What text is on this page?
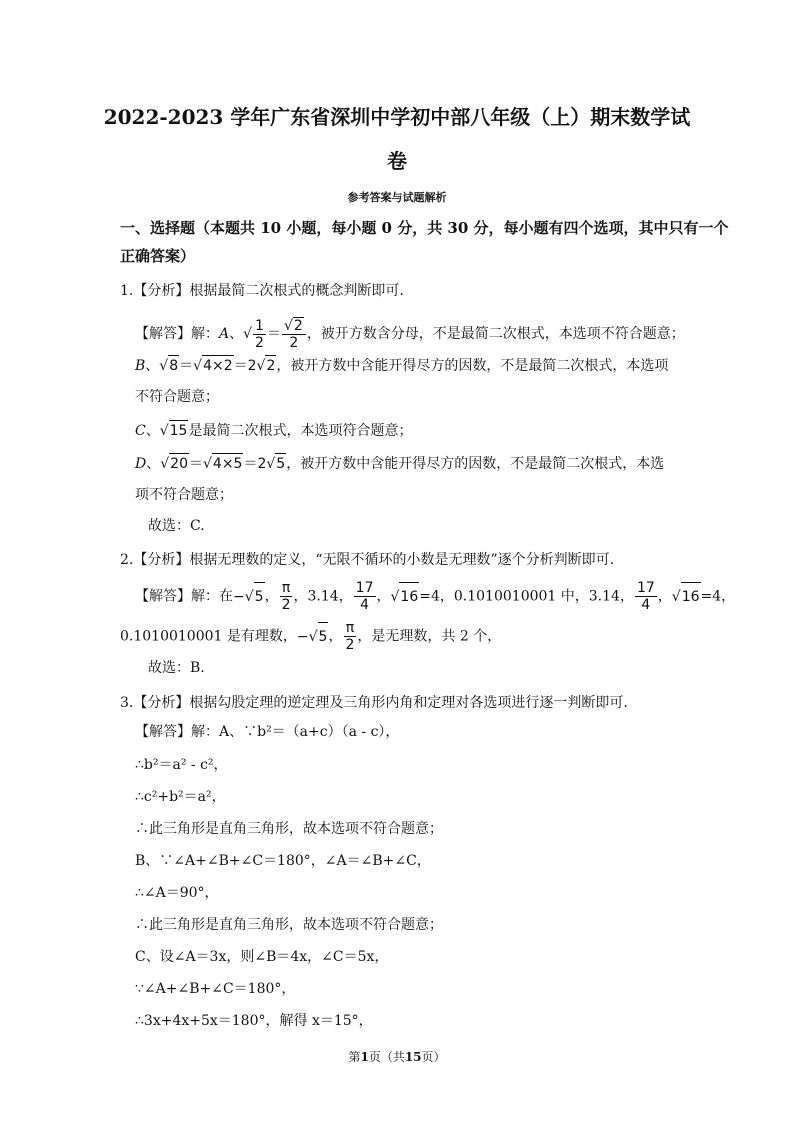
2022-2023 学年广东省深圳中学初中部八年级（上）期末数学试
卷
参考答案与试题解析
一、选择题（本题共 10 小题，每小题 0 分，共 30 分，每小题有四个选项，其中只有一个
正确答案）
1.【分析】根据最简二次根式的概念判断即可.
【解答】解：A、√ $\frac{1}{2} = \frac{√2}{2}$ ，被开方数含分母，不是最简二次根式，本选项不符合题意；
B、√8＝√4×2＝2√2，被开方数中含能开得尽方的因数，不是最简二次根式，本选项
不符合题意；
C、√15是最简二次根式，本选项符合题意；
D、√20＝√4×5＝2√5，被开方数中含能开得尽方的因数，不是最简二次根式，本选
项不符合题意；
故选：C.
2.【分析】根据无理数的定义，“无限不循环的小数是无理数”逐个分析判断即可.
【解答】解：在−√5， $\frac{\pi}{2}$ ，3.14， $\frac{17}{4}$ ，√16=4，0.1010010001 中，3.14， $\frac{17}{4}$ ，√16=4，
0.1010010001 是有理数，−√5， $\frac{\pi}{2}$ ，是无理数，共 2 个，
故选：B.
3.【分析】根据勾股定理的逆定理及三角形内角和定理对各选项进行逐一判断即可.
【解答】解：A、∵b²＝（a+c）（a - c），
∴b²＝a² - c²，
∴c²+b²＝a²，
∴此三角形是直角三角形，故本选项不符合题意；
B、∵∠A+∠B+∠C＝180°，∠A＝∠B+∠C，
∴∠A＝90°，
∴此三角形是直角三角形，故本选项不符合题意；
C、设∠A＝3x，则∠B＝4x，∠C＝5x，
∵∠A+∠B+∠C＝180°，
∴3x+4x+5x＝180°，解得 x＝15°，
第1页（共15页）
